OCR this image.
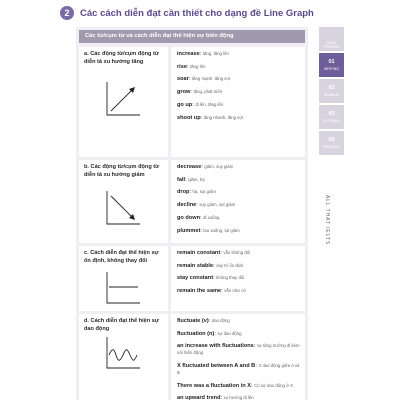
2	Các cách diễn đạt cần thiết cho dạng đề Line Graph
Các từ/cụm từ và cách diễn đạt thể hiện sự biến động
a. Các động từ/cụm động từ diễn tả xu hướng tăng
increase: tăng, tăng lên
rise: tăng lên
soar: tăng mạnh, tăng vọt
grow: tăng, phát triển
go up: đi lên, tăng lên
shoot up: tăng nhanh, tăng vọt
b. Các động từ/cụm động từ diễn tả xu hướng giảm
decrease: giảm, suy giảm
fall: giảm, hạ
drop: hạ, sụt giảm
decline: suy giảm, sụt giảm
go down: đi xuống
plummet: lao xuống, tụt giảm
c. Cách diễn đạt thể hiện sự ổn định, không thay đổi
remain constant: vẫn không đổi
remain stable: duy trì ổn định
stay constant: không thay đổi
remain the same: vẫn như cũ
d. Cách diễn đạt thể hiện sự dao động
fluctuate (v): dao động
fluctuation (n): sự dao động
an increase with fluctuations: sự tăng trưởng đi kèm với biến động
X fluctuated between A and B: X dao động giữa A và B
There was a fluctuation in X: Có sự dao động ở X
an upward trend: xu hướng đi lên
BASIC TRAINING
01
WRITING
02
READING
03
LISTENING
03
SPEAKING
ALL THAT IELTS
